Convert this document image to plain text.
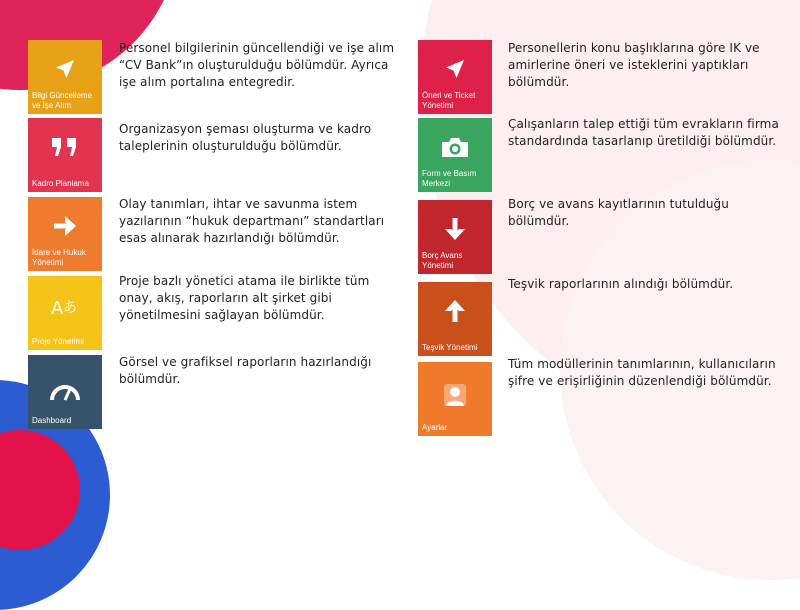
Bilgi Güncelleme ve İşe Alım
Personel bilgilerinin güncellendiği ve işe alım “CV Bank”ın oluşturulduğu bölümdür. Ayrıca işe alım portalına entegredir.
Kadro Planlama
Organizasyon şeması oluşturma ve kadro taleplerinin oluşturulduğu bölümdür.
İdare ve Hukuk Yönetimi
Olay tanımları, ihtar ve savunma istem yazılarının “hukuk departmanı” standartları esas alınarak hazırlandığı bölümdür.
A あ
Proje Yönetimi
Proje bazlı yönetici atama ile birlikte tüm onay, akış, raporların alt şirket gibi yönetilmesini sağlayan bölümdür.
Dashboard
Görsel ve grafiksel raporların hazırlandığı bölümdür.
Öneri ve Ticket Yönetimi
Personellerin konu başlıklarına göre IK ve amirlerine öneri ve isteklerini yaptıkları bölümdür.
Form ve Basım Merkezi
Çalışanların talep ettiği tüm evrakların firma standardında tasarlanıp üretildiği bölümdür.
Borç Avans Yönetimi
Borç ve avans kayıtlarının tutulduğu bölümdür.
Teşvik Yönetimi
Teşvik raporlarının alındığı bölümdür.
Ayarlar
Tüm modüllerinin tanımlarının, kullanıcıların şifre ve erişirliğinin düzenlendiği bölümdür.
